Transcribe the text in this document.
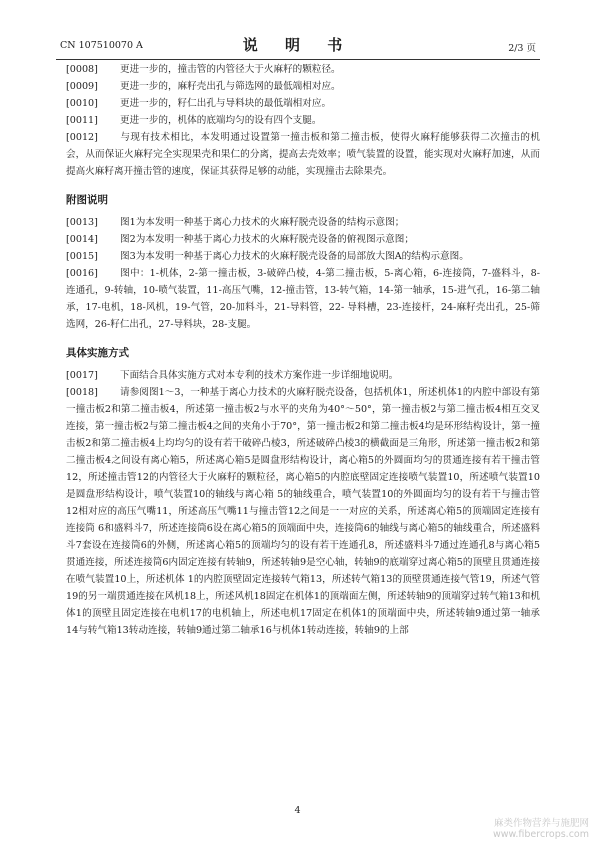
CN 107510070 A	说 明 书	2/3 页
[0008] 更进一步的，撞击管的内管径大于火麻籽的颗粒径。
[0009] 更进一步的，麻籽壳出孔与筛选网的最低端相对应。
[0010] 更进一步的，籽仁出孔与导料块的最低端相对应。
[0011] 更进一步的，机体的底端均匀的设有四个支腿。
[0012] 与现有技术相比，本发明通过设置第一撞击板和第二撞击板，使得火麻籽能够获得二次撞击的机会，从而保证火麻籽完全实现果壳和果仁的分离，提高去壳效率；喷气装置的设置，能实现对火麻籽加速，从而提高火麻籽离开撞击管的速度，保证其获得足够的动能，实现撞击去除果壳。
附图说明
[0013] 图1为本发明一种基于离心力技术的火麻籽脱壳设备的结构示意图；
[0014] 图2为本发明一种基于离心力技术的火麻籽脱壳设备的俯视图示意图；
[0015] 图3为本发明一种基于离心力技术的火麻籽脱壳设备的局部放大图A的结构示意图。
[0016] 图中：1-机体，2-第一撞击板，3-破碎凸棱，4-第二撞击板，5-离心箱，6-连接筒，7-盛料斗，8-连通孔，9-转轴，10-喷气装置，11-高压气嘴，12-撞击管，13-转气箱，14-第一轴承，15-进气孔，16-第二轴承，17-电机，18-风机，19-气管，20-加料斗，21-导料管，22- 导料槽，23-连接杆，24-麻籽壳出孔，25-筛选网，26-籽仁出孔，27-导料块，28-支腿。
具体实施方式
[0017] 下面结合具体实施方式对本专利的技术方案作进一步详细地说明。
[0018] 请参阅图1～3，一种基于离心力技术的火麻籽脱壳设备，包括机体1，所述机体1的内腔中部设有第一撞击板2和第二撞击板4，所述第一撞击板2与水平的夹角为40°～50°，第一撞击板2与第二撞击板4相互交叉连接，第一撞击板2与第二撞击板4之间的夹角小于70°，第一撞击板2和第二撞击板4均是环形结构设计，第一撞击板2和第二撞击板4上均均匀的设有若干破碎凸棱3，所述破碎凸棱3的横截面是三角形，所述第一撞击板2和第二撞击板4之间设有离心箱5，所述离心箱5是圆盘形结构设计，离心箱5的外圆面均匀的贯通连接有若干撞击管12，所述撞击管12的内管径大于火麻籽的颗粒径，离心箱5的内腔底壁固定连接喷气装置10，所述喷气装置10是圆盘形结构设计，喷气装置10的轴线与离心箱 5的轴线重合，喷气装置10的外圆面均匀的设有若干与撞击管12相对应的高压气嘴11，所述高压气嘴11与撞击管12之间是一一对应的关系，所述离心箱5的顶端固定连接有连接筒 6和盛料斗7，所述连接筒6设在离心箱5的顶端面中央，连接筒6的轴线与离心箱5的轴线重合，所述盛料斗7套设在连接筒6的外侧，所述离心箱5的顶端均匀的设有若干连通孔8，所述盛料斗7通过连通孔8与离心箱5贯通连接，所述连接筒6内固定连接有转轴9，所述转轴9是空心轴，转轴9的底端穿过离心箱5的顶壁且贯通连接在喷气装置10上，所述机体 1的内腔顶壁固定连接转气箱13，所述转气箱13的顶壁贯通连接气管19，所述气管19的另一端贯通连接在风机18上，所述风机18固定在机体1的顶端面左侧，所述转轴9的顶端穿过转气箱13和机体1的顶壁且固定连接在电机17的电机轴上，所述电机17固定在机体1的顶端面中央，所述转轴9通过第一轴承14与转气箱13转动连接，转轴9通过第二轴承16与机体1转动连接，转轴9的上部
4
麻类作物营养与施肥网
www.fibercrops.com
